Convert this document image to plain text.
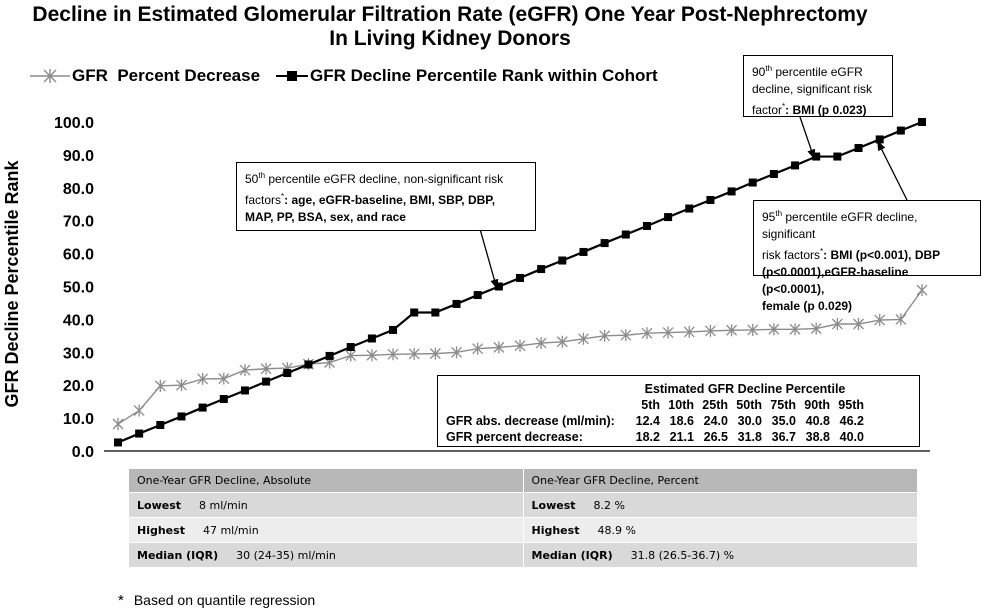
0.0
10.0
20.0
30.0
40.0
50.0
60.0
70.0
80.0
90.0
100.0
GFR Decline Percentile Rank
Decline in Estimated Glomerular Filtration Rate (eGFR) One Year Post-Nephrectomy
In Living Kidney Donors
GFR  Percent Decrease	GFR Decline Percentile Rank within Cohort
50th percentile eGFR decline, non-significant risk
factors*: age, eGFR-baseline, BMI, SBP, DBP,
MAP, PP, BSA, sex, and race
90th percentile eGFR
decline, significant risk
factor*: BMI (p 0.023)
95th percentile eGFR decline, significant
risk factors*: BMI (p<0.001), DBP
(p<0.0001),eGFR-baseline (p<0.0001),
female (p 0.029)
	Estimated GFR Decline Percentile						
	5th	10th	25th	50th	75th	90th	95th
GFR abs. decrease (ml/min):	12.4	18.6	24.0	30.0	35.0	40.8	46.2
GFR percent decrease:	18.2	21.1	26.5	31.8	36.7	38.8	40.0
One-Year GFR Decline, Absolute	One-Year GFR Decline, Percent
Lowest 8 ml/min	Lowest 8.2 %
Highest 47 ml/min	Highest 48.9 %
Median (IQR) 30 (24-35) ml/min	Median (IQR) 31.8 (26.5-36.7) %
* Based on quantile regression
